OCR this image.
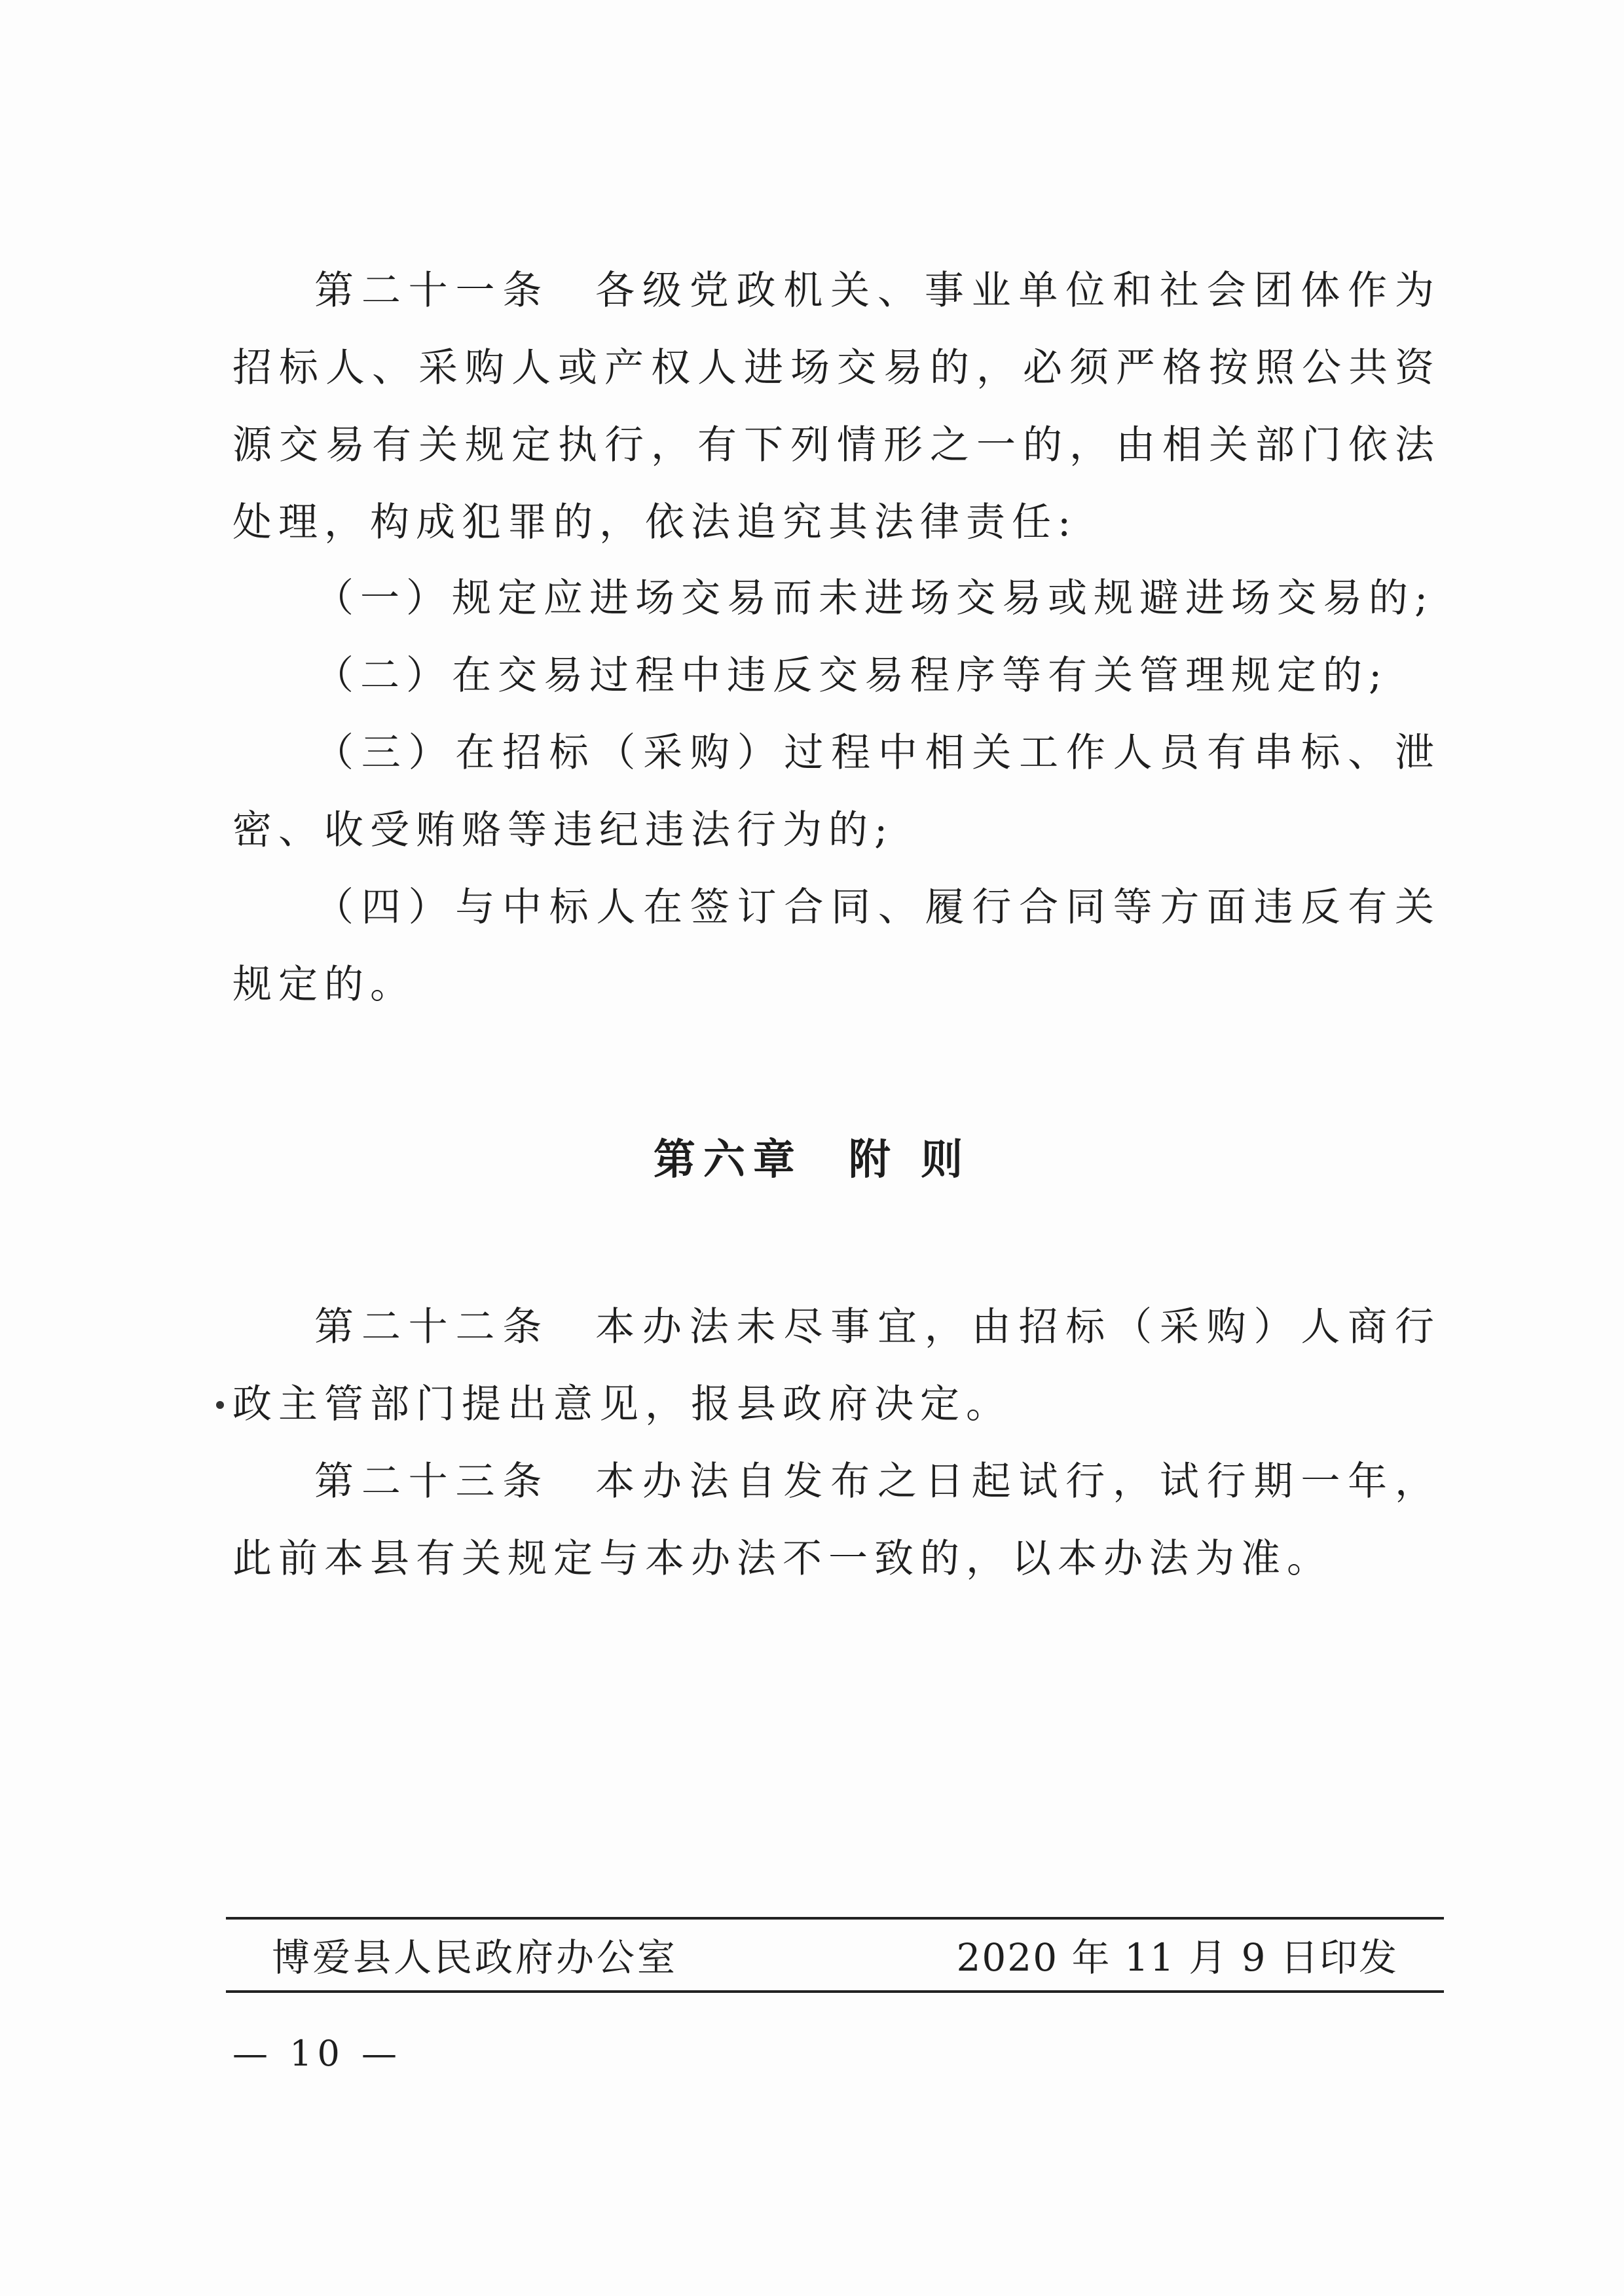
第二十一条 各级党政机关、事业单位和社会团体作为招标人、采购人或产权人进场交易的，必须严格按照公共资源交易有关规定执行，有下列情形之一的，由相关部门依法处理，构成犯罪的，依法追究其法律责任:

（一）规定应进场交易而未进场交易或规避进场交易的;

（二）在交易过程中违反交易程序等有关管理规定的;

（三）在招标（采购）过程中相关工作人员有串标、泄密、收受贿赂等违纪违法行为的;

（四）与中标人在签订合同、履行合同等方面违反有关规定的。

第六章 附 则

第二十二条 本办法未尽事宜，由招标（采购）人商行政主管部门提出意见，报县政府决定。

第二十三条 本办法自发布之日起试行，试行期一年，此前本县有关规定与本办法不一致的，以本办法为准。

博爱县人民政府办公室	2020 年 11 月 9 日印发
— 10 —
